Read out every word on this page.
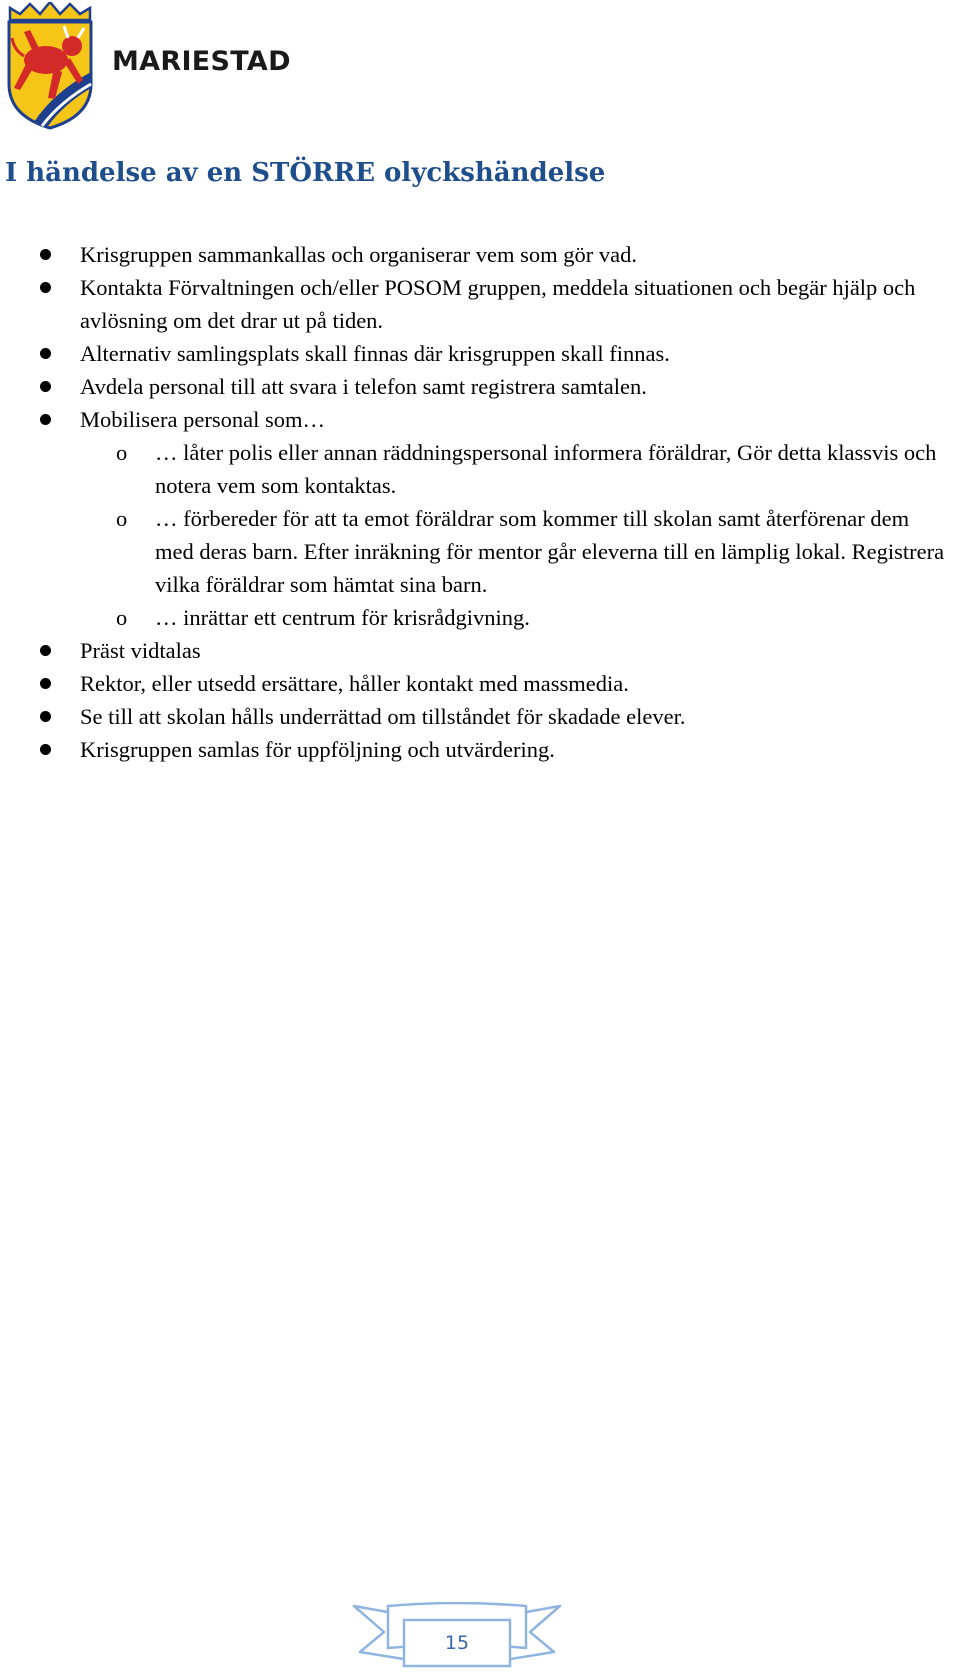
MARIESTAD
I händelse av en STÖRRE olyckshändelse
Krisgruppen sammankallas och organiserar vem som gör vad.
Kontakta Förvaltningen och/eller POSOM gruppen, meddela situationen och begär hjälp och avlösning om det drar ut på tiden.
Alternativ samlingsplats skall finnas där krisgruppen skall finnas.
Avdela personal till att svara i telefon samt registrera samtalen.
Mobilisera personal som…
o … låter polis eller annan räddningspersonal informera föräldrar, Gör detta klassvis och notera vem som kontaktas.
o … förbereder för att ta emot föräldrar som kommer till skolan samt återförenar dem med deras barn. Efter inräkning för mentor går eleverna till en lämplig lokal. Registrera vilka föräldrar som hämtat sina barn.
o … inrättar ett centrum för krisrådgivning.
Präst vidtalas
Rektor, eller utsedd ersättare, håller kontakt med massmedia.
Se till att skolan hålls underrättad om tillståndet för skadade elever.
Krisgruppen samlas för uppföljning och utvärdering.
15
